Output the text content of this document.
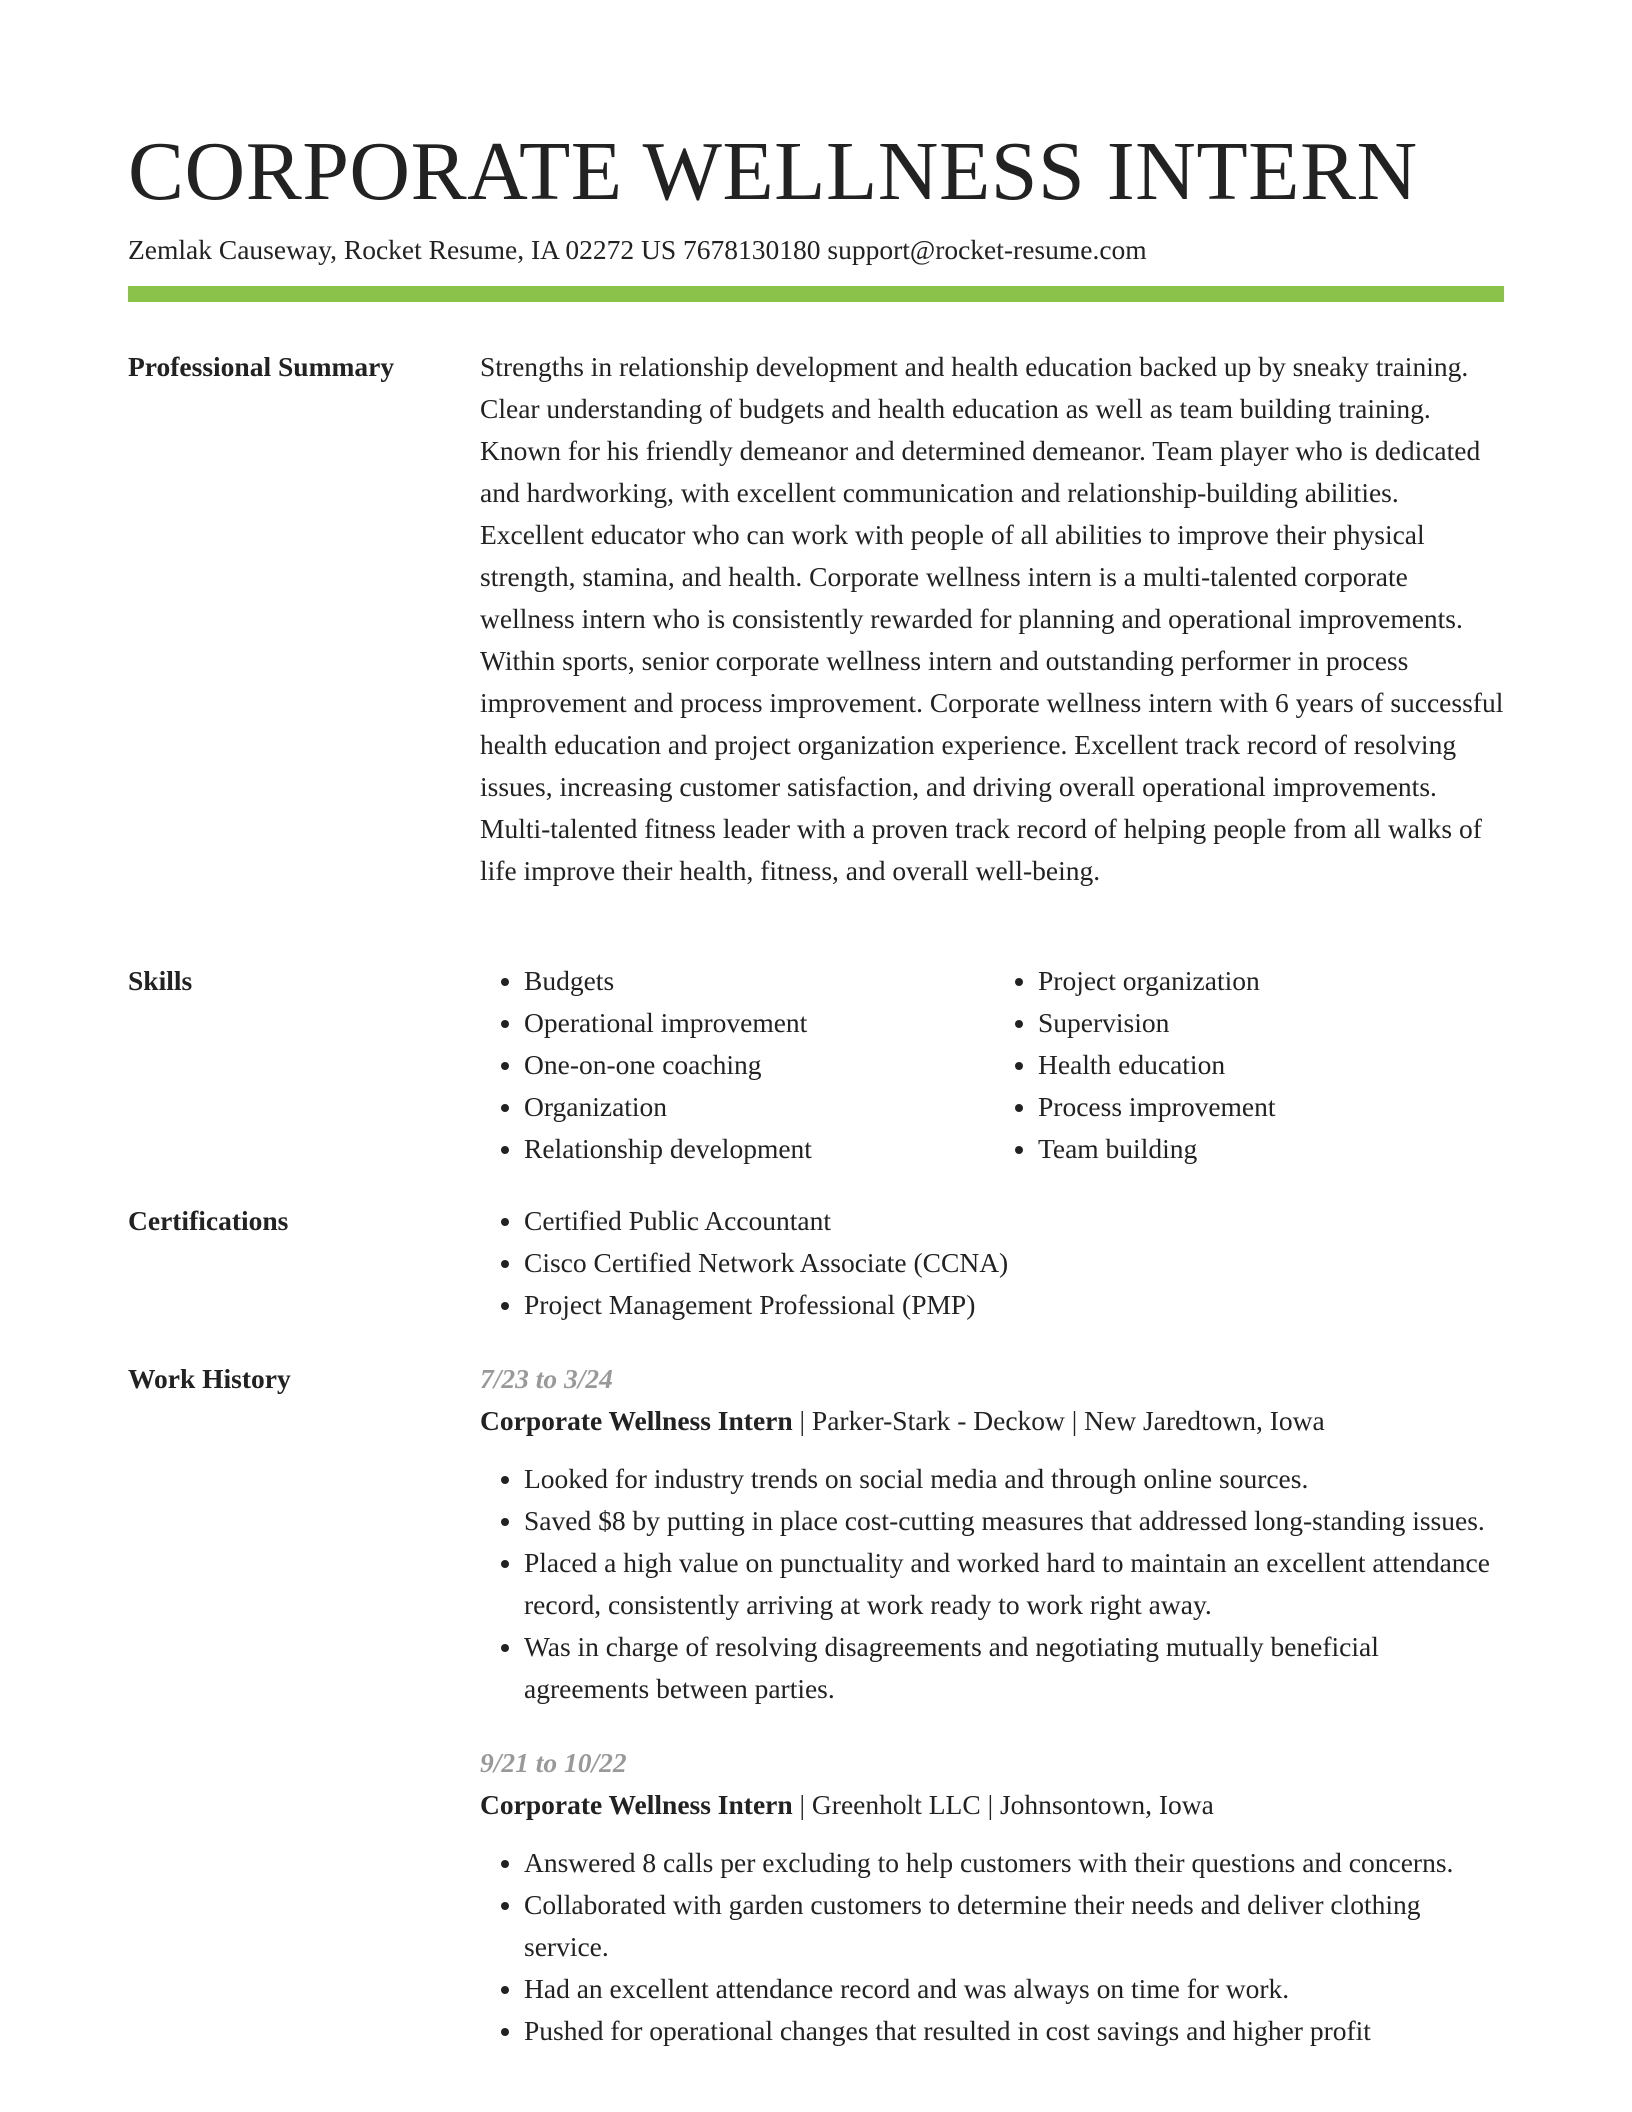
CORPORATE WELLNESS INTERN
Zemlak Causeway, Rocket Resume, IA 02272 US 7678130180 support@rocket-resume.com
Professional Summary	Strengths in relationship development and health education backed up by sneaky training. Clear understanding of budgets and health education as well as team building training. Known for his friendly demeanor and determined demeanor. Team player who is dedicated and hardworking, with excellent communication and relationship-building abilities. Excellent educator who can work with people of all abilities to improve their physical strength, stamina, and health. Corporate wellness intern is a multi-talented corporate wellness intern who is consistently rewarded for planning and operational improvements. Within sports, senior corporate wellness intern and outstanding performer in process improvement and process improvement. Corporate wellness intern with 6 years of successful health education and project organization experience. Excellent track record of resolving issues, increasing customer satisfaction, and driving overall operational improvements. Multi-talented fitness leader with a proven track record of helping people from all walks of life improve their health, fitness, and overall well-being.

Skills	• Budgets
• Operational improvement
• One-on-one coaching
• Organization
• Relationship development
• Project organization
• Supervision
• Health education
• Process improvement
• Team building
Certifications	• Certified Public Accountant
• Cisco Certified Network Associate (CCNA)
• Project Management Professional (PMP)
Work History	7/23 to 3/24
Corporate Wellness Intern | Parker-Stark - Deckow | New Jaredtown, Iowa
• Looked for industry trends on social media and through online sources.
• Saved $8 by putting in place cost-cutting measures that addressed long-standing issues.
• Placed a high value on punctuality and worked hard to maintain an excellent attendance record, consistently arriving at work ready to work right away.
• Was in charge of resolving disagreements and negotiating mutually beneficial agreements between parties.
9/21 to 10/22
Corporate Wellness Intern | Greenholt LLC | Johnsontown, Iowa
• Answered 8 calls per excluding to help customers with their questions and concerns.
• Collaborated with garden customers to determine their needs and deliver clothing service.
• Had an excellent attendance record and was always on time for work.
• Pushed for operational changes that resulted in cost savings and higher profit
